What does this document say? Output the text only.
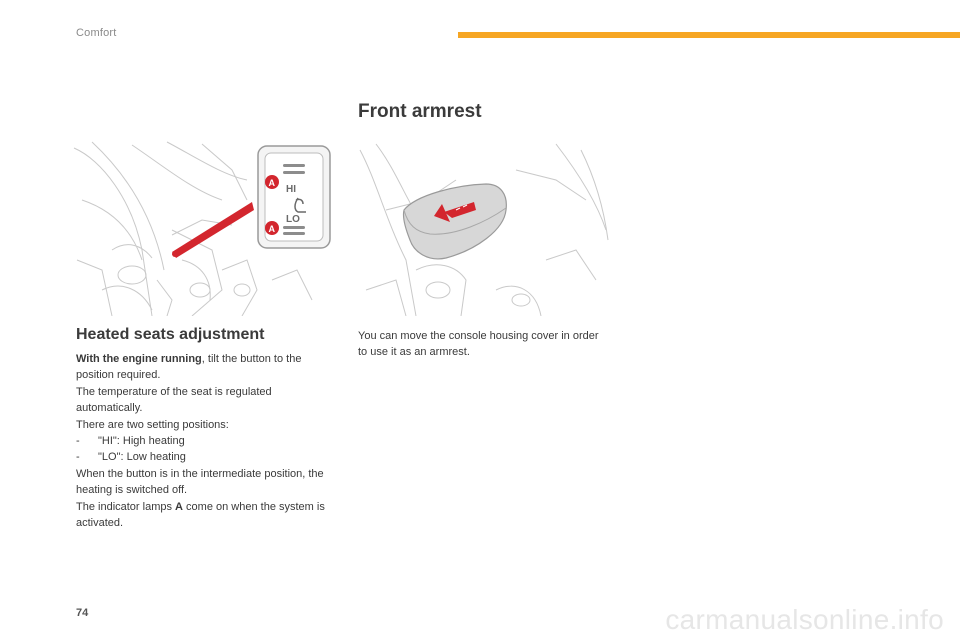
Comfort
Front armrest
HI
LO
A
A
Heated seats adjustment

With the engine running, tilt the button to the position required.

The temperature of the seat is regulated automatically.

There are two setting positions:

-	"HI": High heating
-	"LO": Low heating

When the button is in the intermediate position, the heating is switched off.

The indicator lamps A come on when the system is activated.

You can move the console housing cover in order to use it as an armrest.
74	carmanualsonline.info
